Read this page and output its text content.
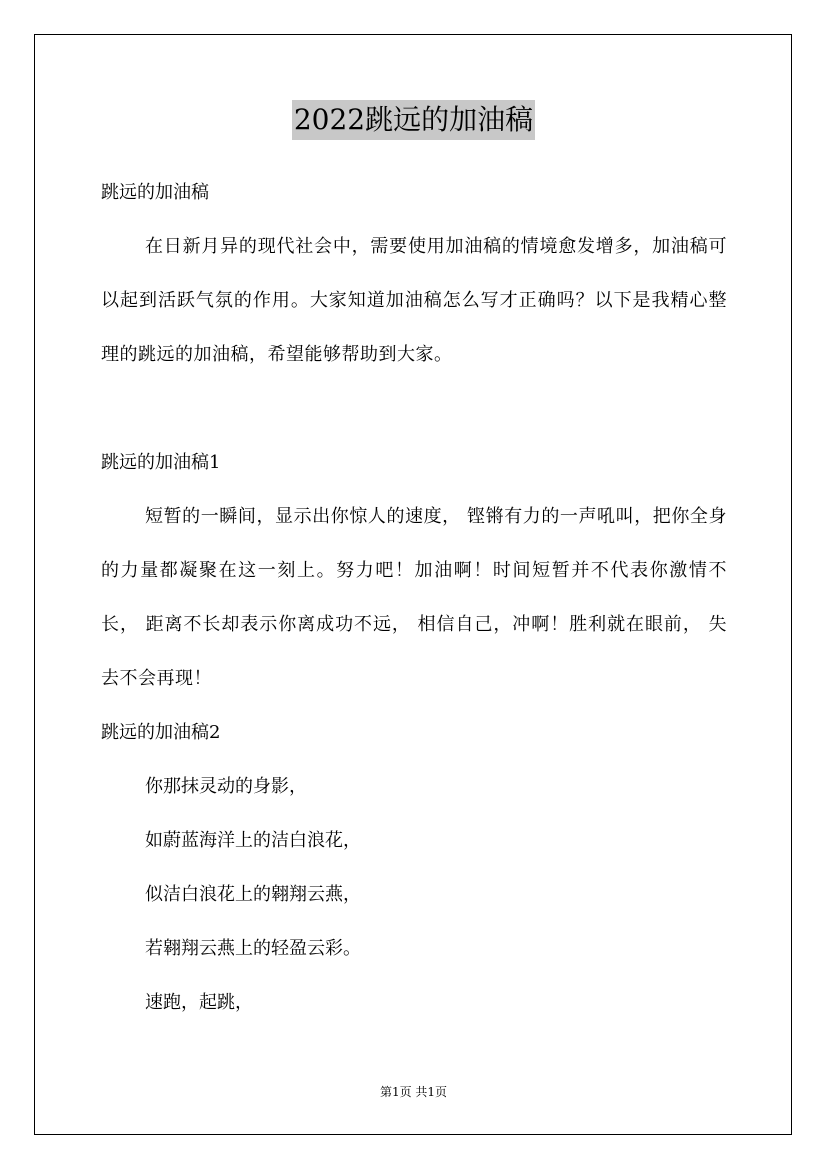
2022跳远的加油稿

跳远的加油稿

在日新月异的现代社会中，需要使用加油稿的情境愈发增多，加油稿可以起到活跃气氛的作用。大家知道加油稿怎么写才正确吗？以下是我精心整理的跳远的加油稿，希望能够帮助到大家。

跳远的加油稿1

短暂的一瞬间，显示出你惊人的速度， 铿锵有力的一声吼叫，把你全身的力量都凝聚在这一刻上。努力吧！加油啊！时间短暂并不代表你激情不长， 距离不长却表示你离成功不远， 相信自己，冲啊！胜利就在眼前， 失去不会再现！

跳远的加油稿2

你那抹灵动的身影，

如蔚蓝海洋上的洁白浪花，

似洁白浪花上的翱翔云燕，

若翱翔云燕上的轻盈云彩。

速跑，起跳，

第1页 共1页
